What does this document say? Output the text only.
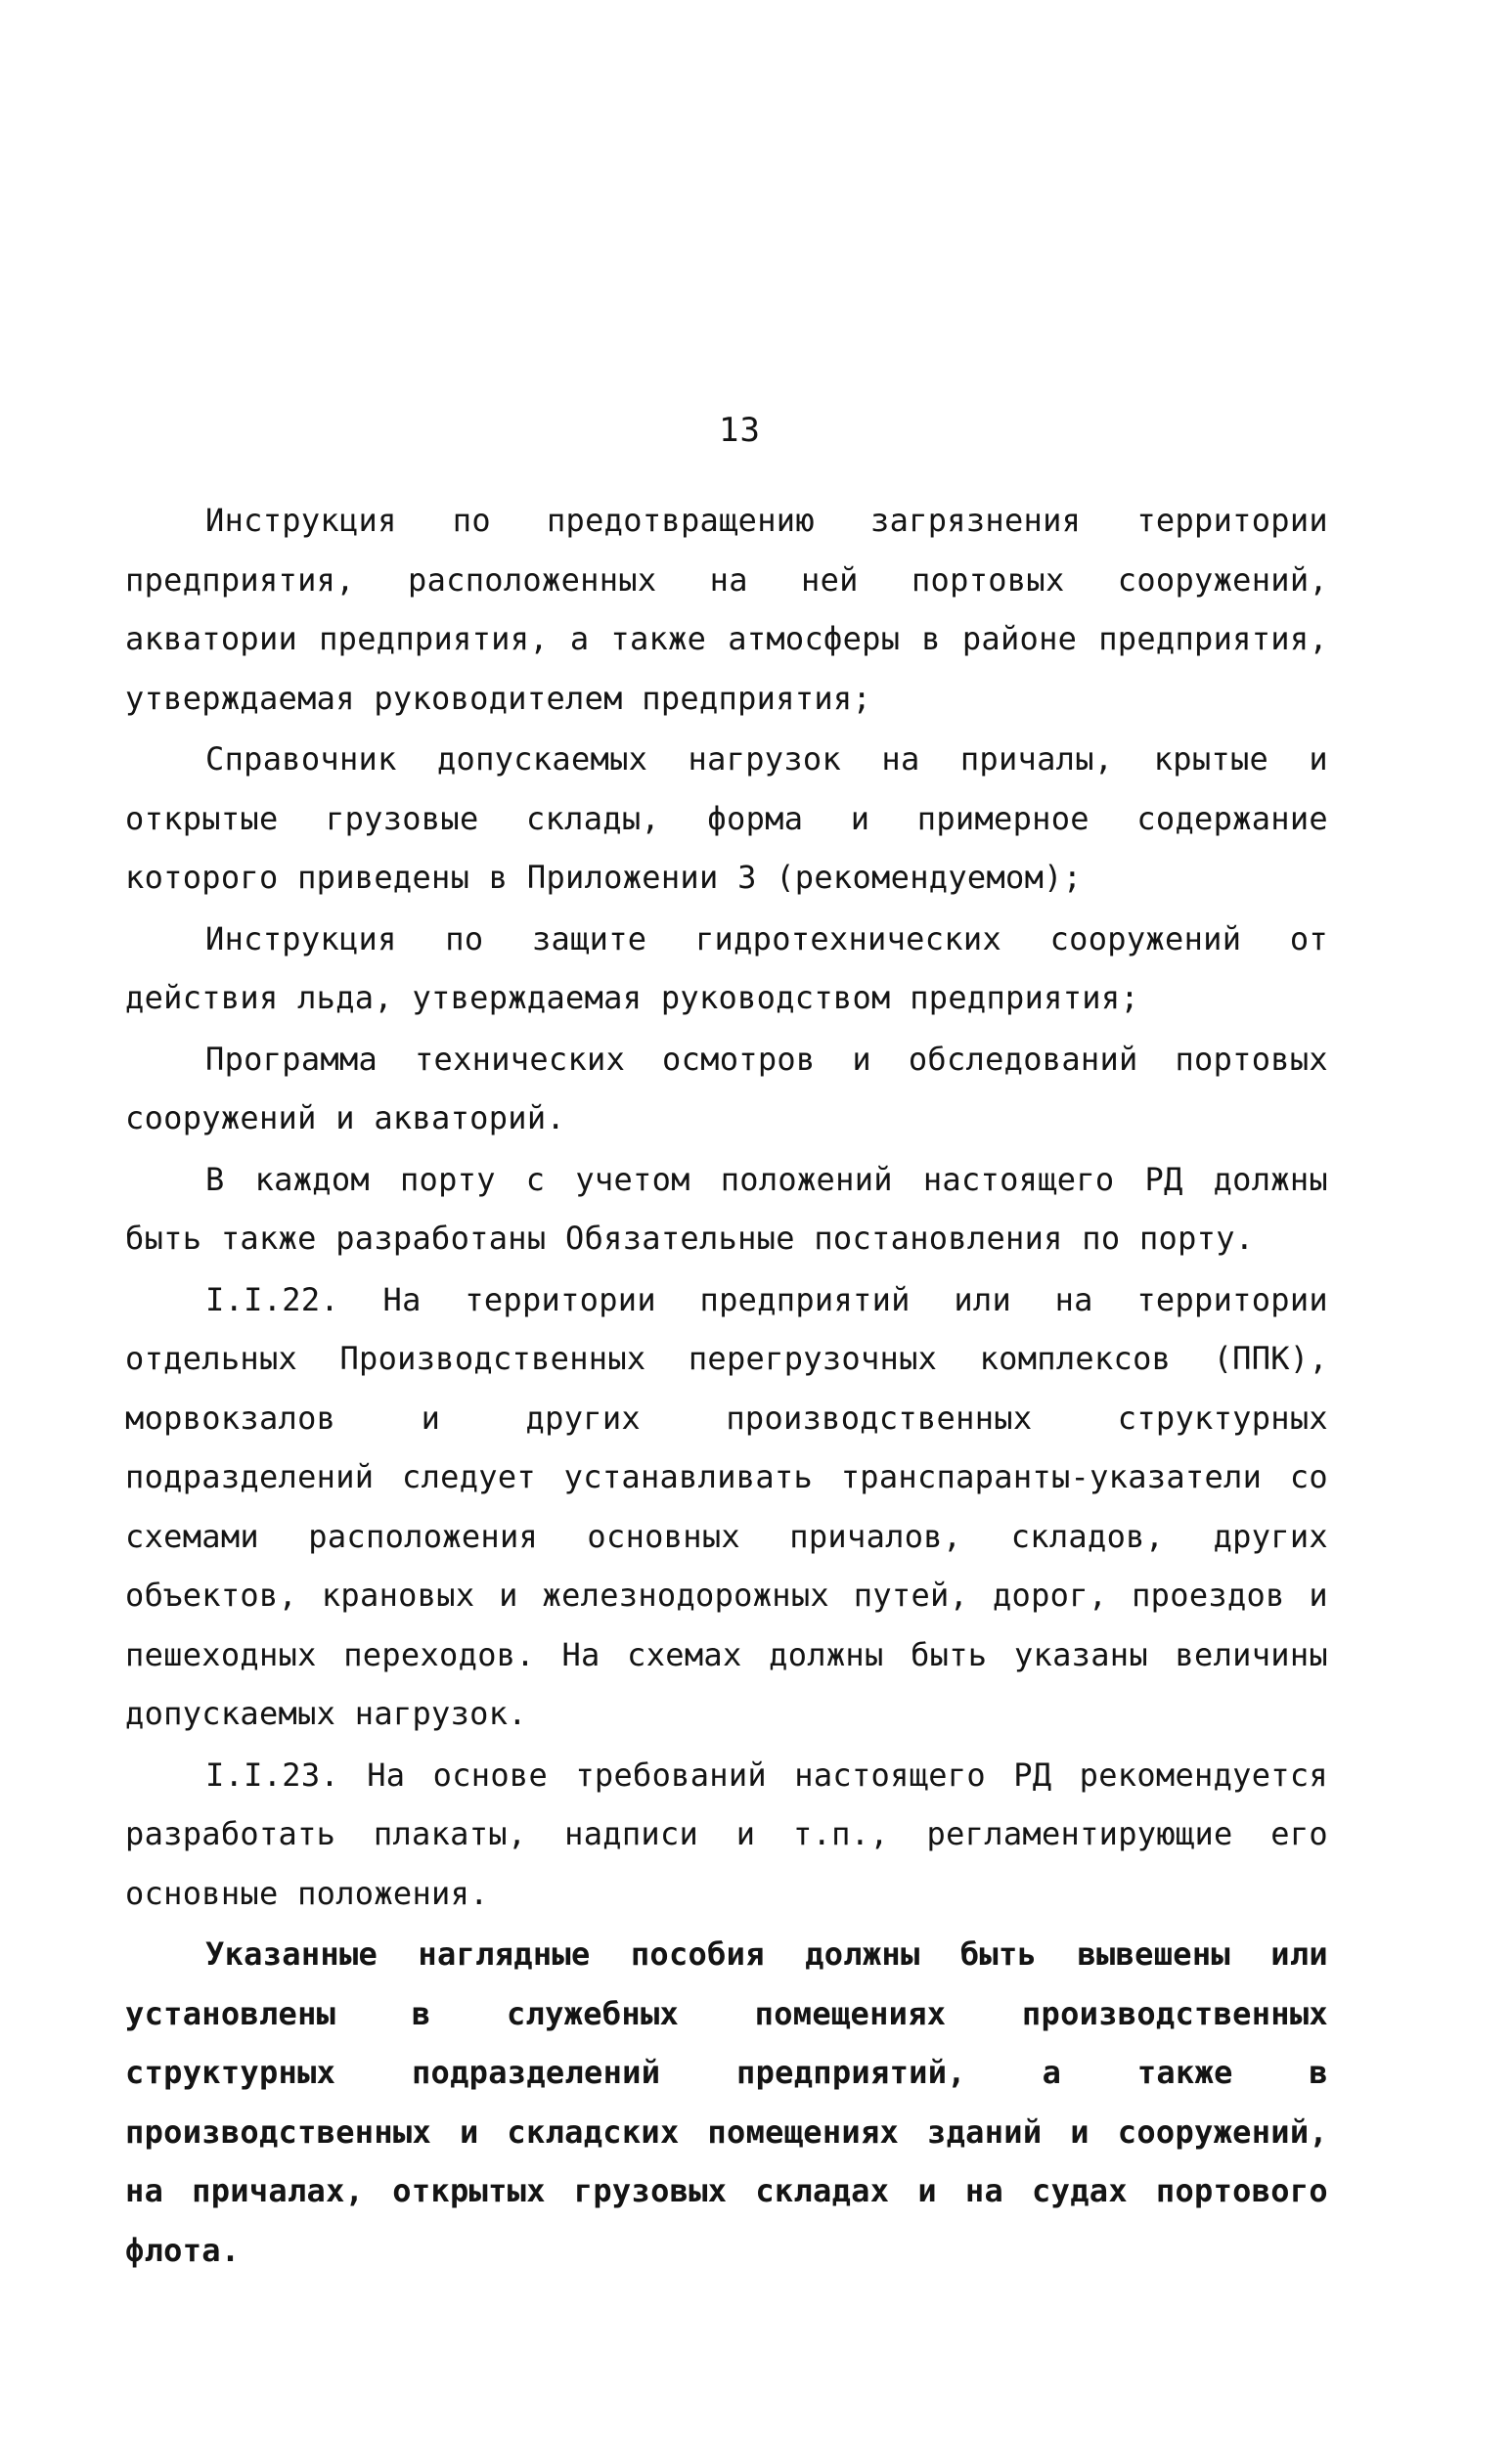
13

Инструкция по предотвращению загрязнения территории предприятия, расположенных на ней портовых сооружений, акватории предприятия, а также атмосферы в районе предприятия, утверждаемая руководителем предприятия;

Справочник допускаемых нагрузок на причалы, крытые и открытые грузовые склады, форма и примерное содержание которого приведены в Приложении 3 (рекомендуемом);

Инструкция по защите гидротехнических сооружений от действия льда, утверждаемая руководством предприятия;

Программа технических осмотров и обследований портовых сооружений и акваторий.

В каждом порту с учетом положений настоящего РД должны быть также разработаны Обязательные постановления по порту.

I.I.22. На территории предприятий или на территории отдельных Производственных перегрузочных комплексов (ППК), морвокзалов и других производственных структурных подразделений следует устанавливать транспаранты-указатели со схемами расположения основных причалов, складов, других объектов, крановых и железнодорожных путей, дорог, проездов и пешеходных переходов. На схемах должны быть указаны величины допускаемых нагрузок.

I.I.23. На основе требований настоящего РД рекомендуется разработать плакаты, надписи и т.п., регламентирующие его основные положения.

Указанные наглядные пособия должны быть вывешены или установлены в служебных помещениях производственных структурных подразделений предприятий, а также в производственных и складских помещениях зданий и сооружений, на причалах, открытых грузовых складах и на судах портового флота.
